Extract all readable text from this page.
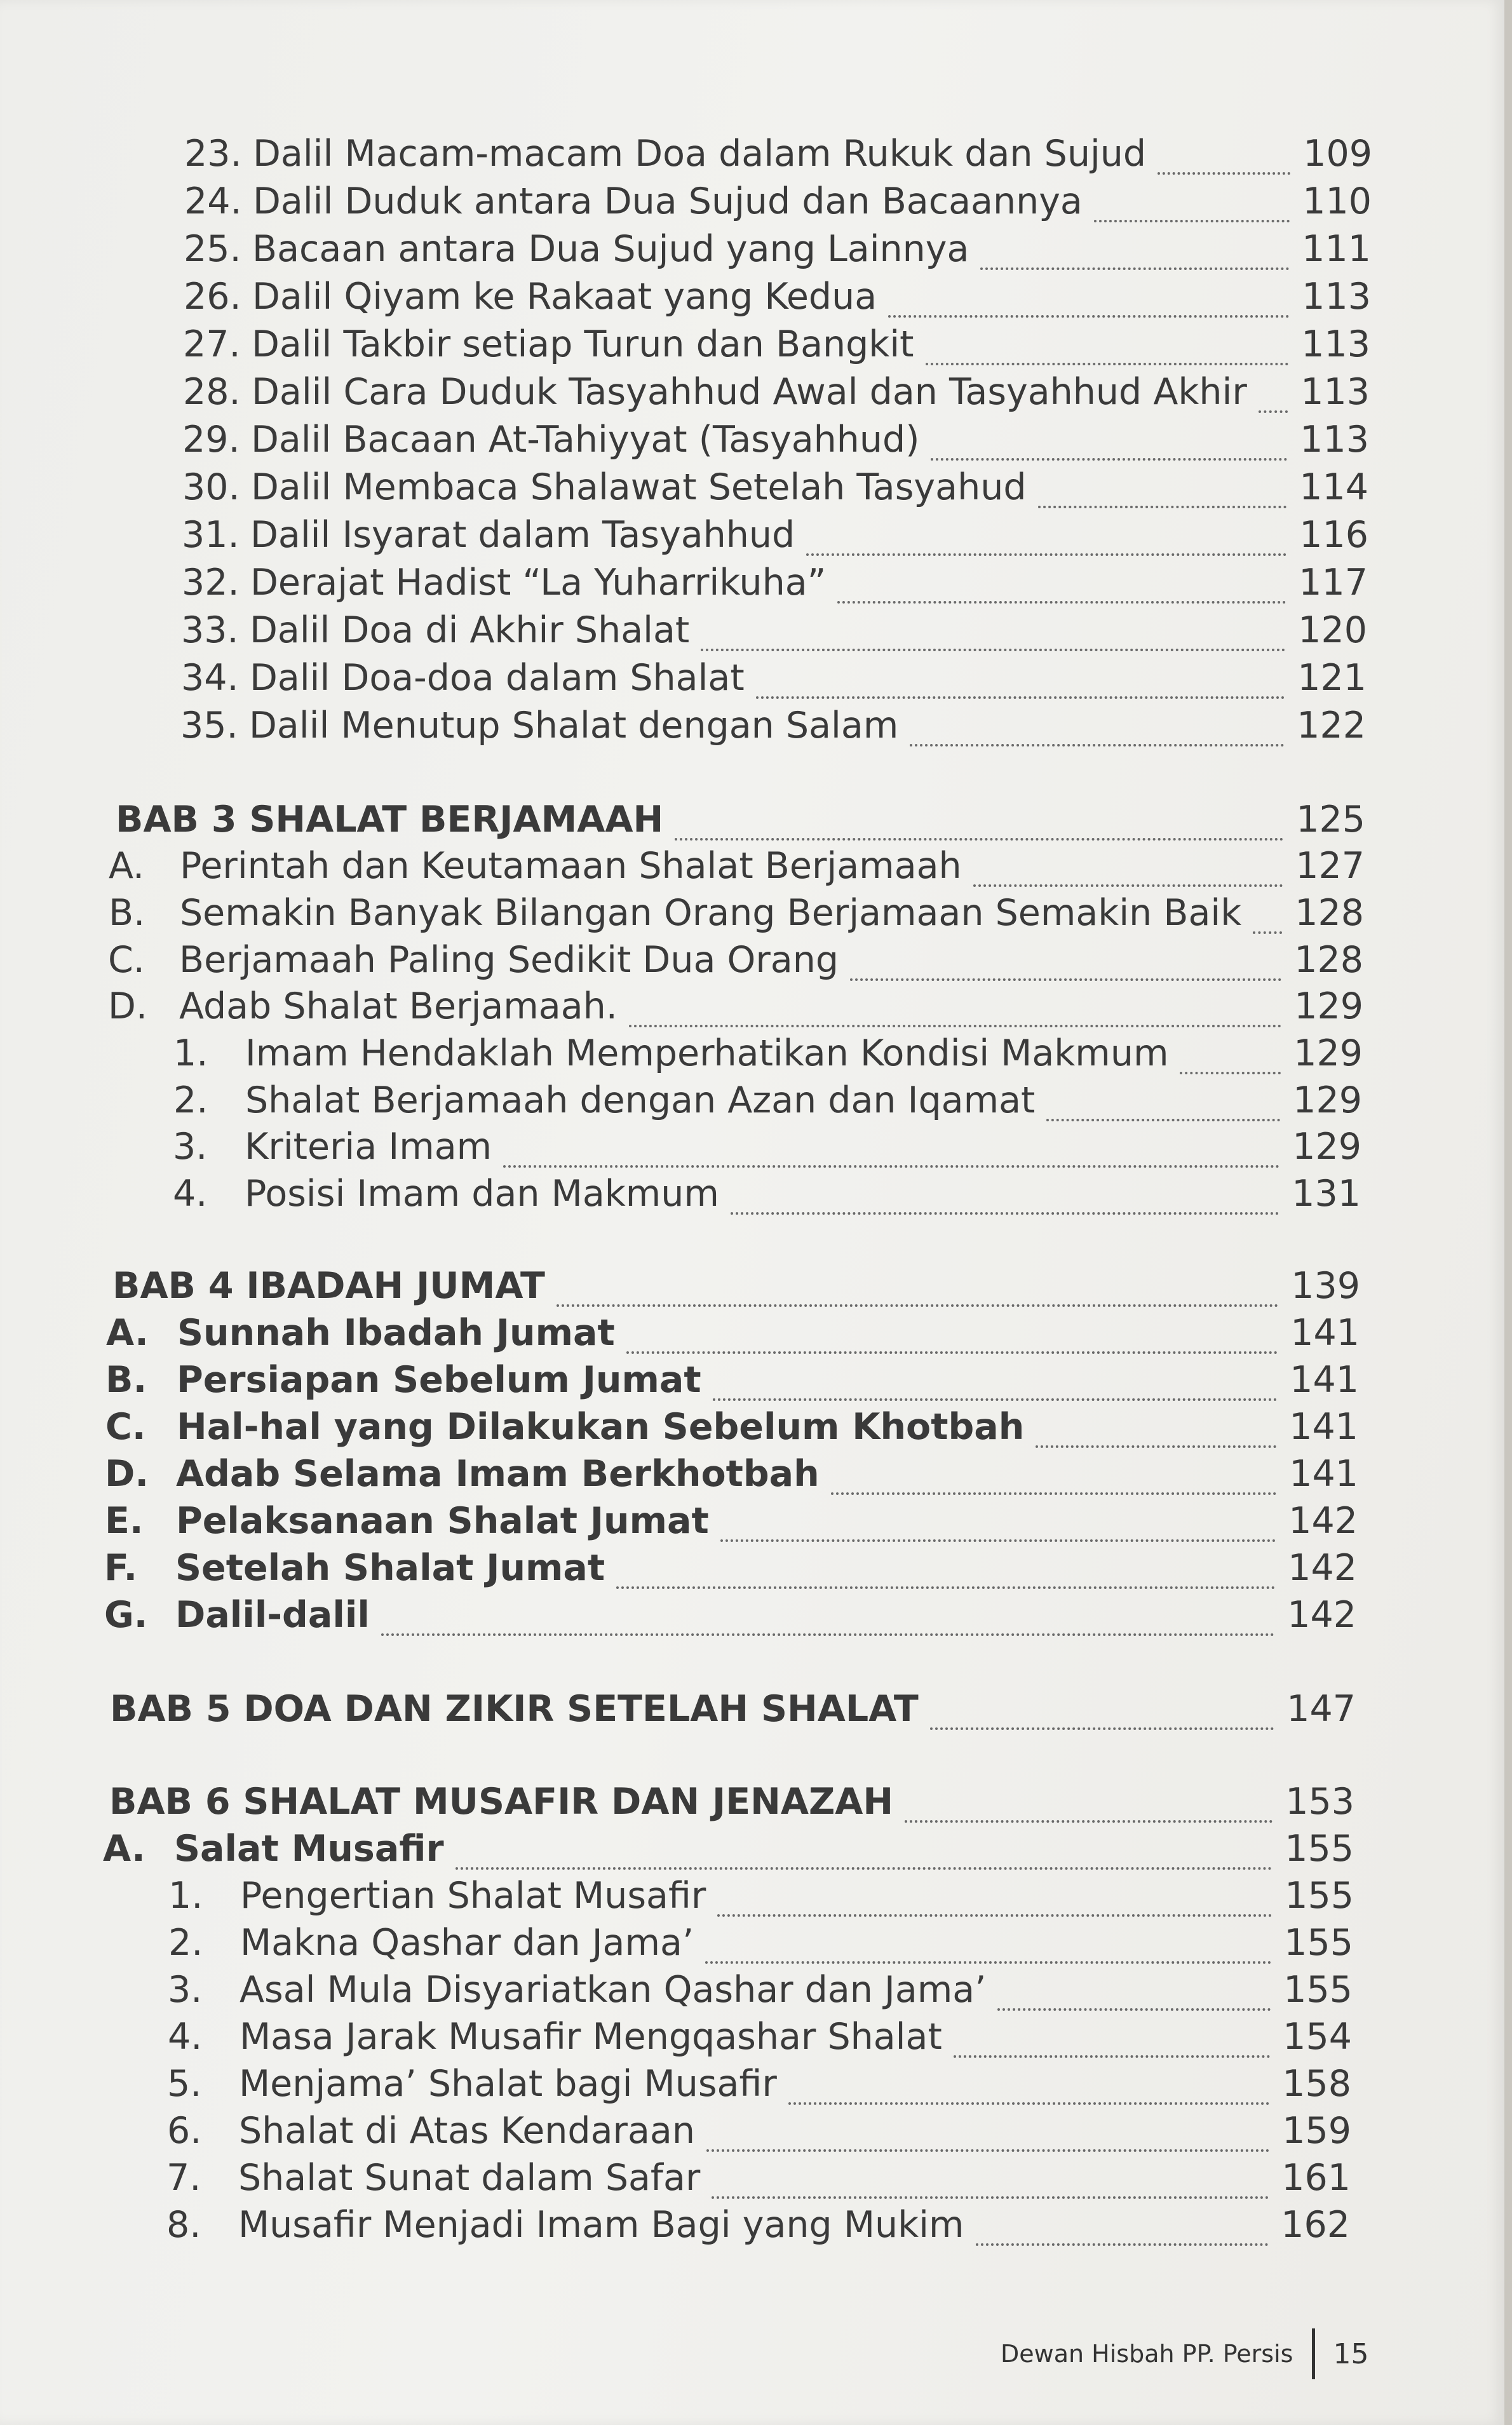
23. Dalil Macam-macam Doa dalam Rukuk dan Sujud	109
24. Dalil Duduk antara Dua Sujud dan Bacaannya	110
25. Bacaan antara Dua Sujud yang Lainnya	111
26. Dalil Qiyam ke Rakaat yang Kedua	113
27. Dalil Takbir setiap Turun dan Bangkit	113
28. Dalil Cara Duduk Tasyahhud Awal dan Tasyahhud Akhir 113
29. Dalil Bacaan At-Tahiyyat (Tasyahhud)	113
30. Dalil Membaca Shalawat Setelah Tasyahud	114
31. Dalil Isyarat dalam Tasyahhud	116
32. Derajat Hadist “La Yuharrikuha”	117
33. Dalil Doa di Akhir Shalat	120
34. Dalil Doa-doa dalam Shalat	121
35. Dalil Menutup Shalat dengan Salam	122
BAB 3 SHALAT BERJAMAAH	125
A. Perintah dan Keutamaan Shalat Berjamaah	127
B. Semakin Banyak Bilangan Orang Berjamaan Semakin Baik 128
C. Berjamaah Paling Sedikit Dua Orang	128
D. Adab Shalat Berjamaah.	129
1.	Imam Hendaklah Memperhatikan Kondisi Makmum	129
2.	Shalat Berjamaah dengan Azan dan Iqamat	129
3.	Kriteria Imam	129
4.	Posisi Imam dan Makmum	131
BAB 4 IBADAH JUMAT	139
A. Sunnah Ibadah Jumat	141
B. Persiapan Sebelum Jumat	141
C. Hal-hal yang Dilakukan Sebelum Khotbah	141
D. Adab Selama Imam Berkhotbah	141
E. Pelaksanaan Shalat Jumat	142
F.	Setelah Shalat Jumat	142
G. Dalil-dalil	142
BAB 5 DOA DAN ZIKIR SETELAH SHALAT	147
BAB 6 SHALAT MUSAFIR DAN JENAZAH	153
A. Salat Musafir	155
1.	Pengertian Shalat Musafir	155
2.	Makna Qashar dan Jama’	155
3.	Asal Mula Disyariatkan Qashar dan Jama’	155
4.	Masa Jarak Musafir Mengqashar Shalat	154
5.	Menjama’ Shalat bagi Musafir	158
6.	Shalat di Atas Kendaraan	159
7.	Shalat Sunat dalam Safar	161
8.	Musafir Menjadi Imam Bagi yang Mukim	162
Dewan Hisbah PP. Persis 15
